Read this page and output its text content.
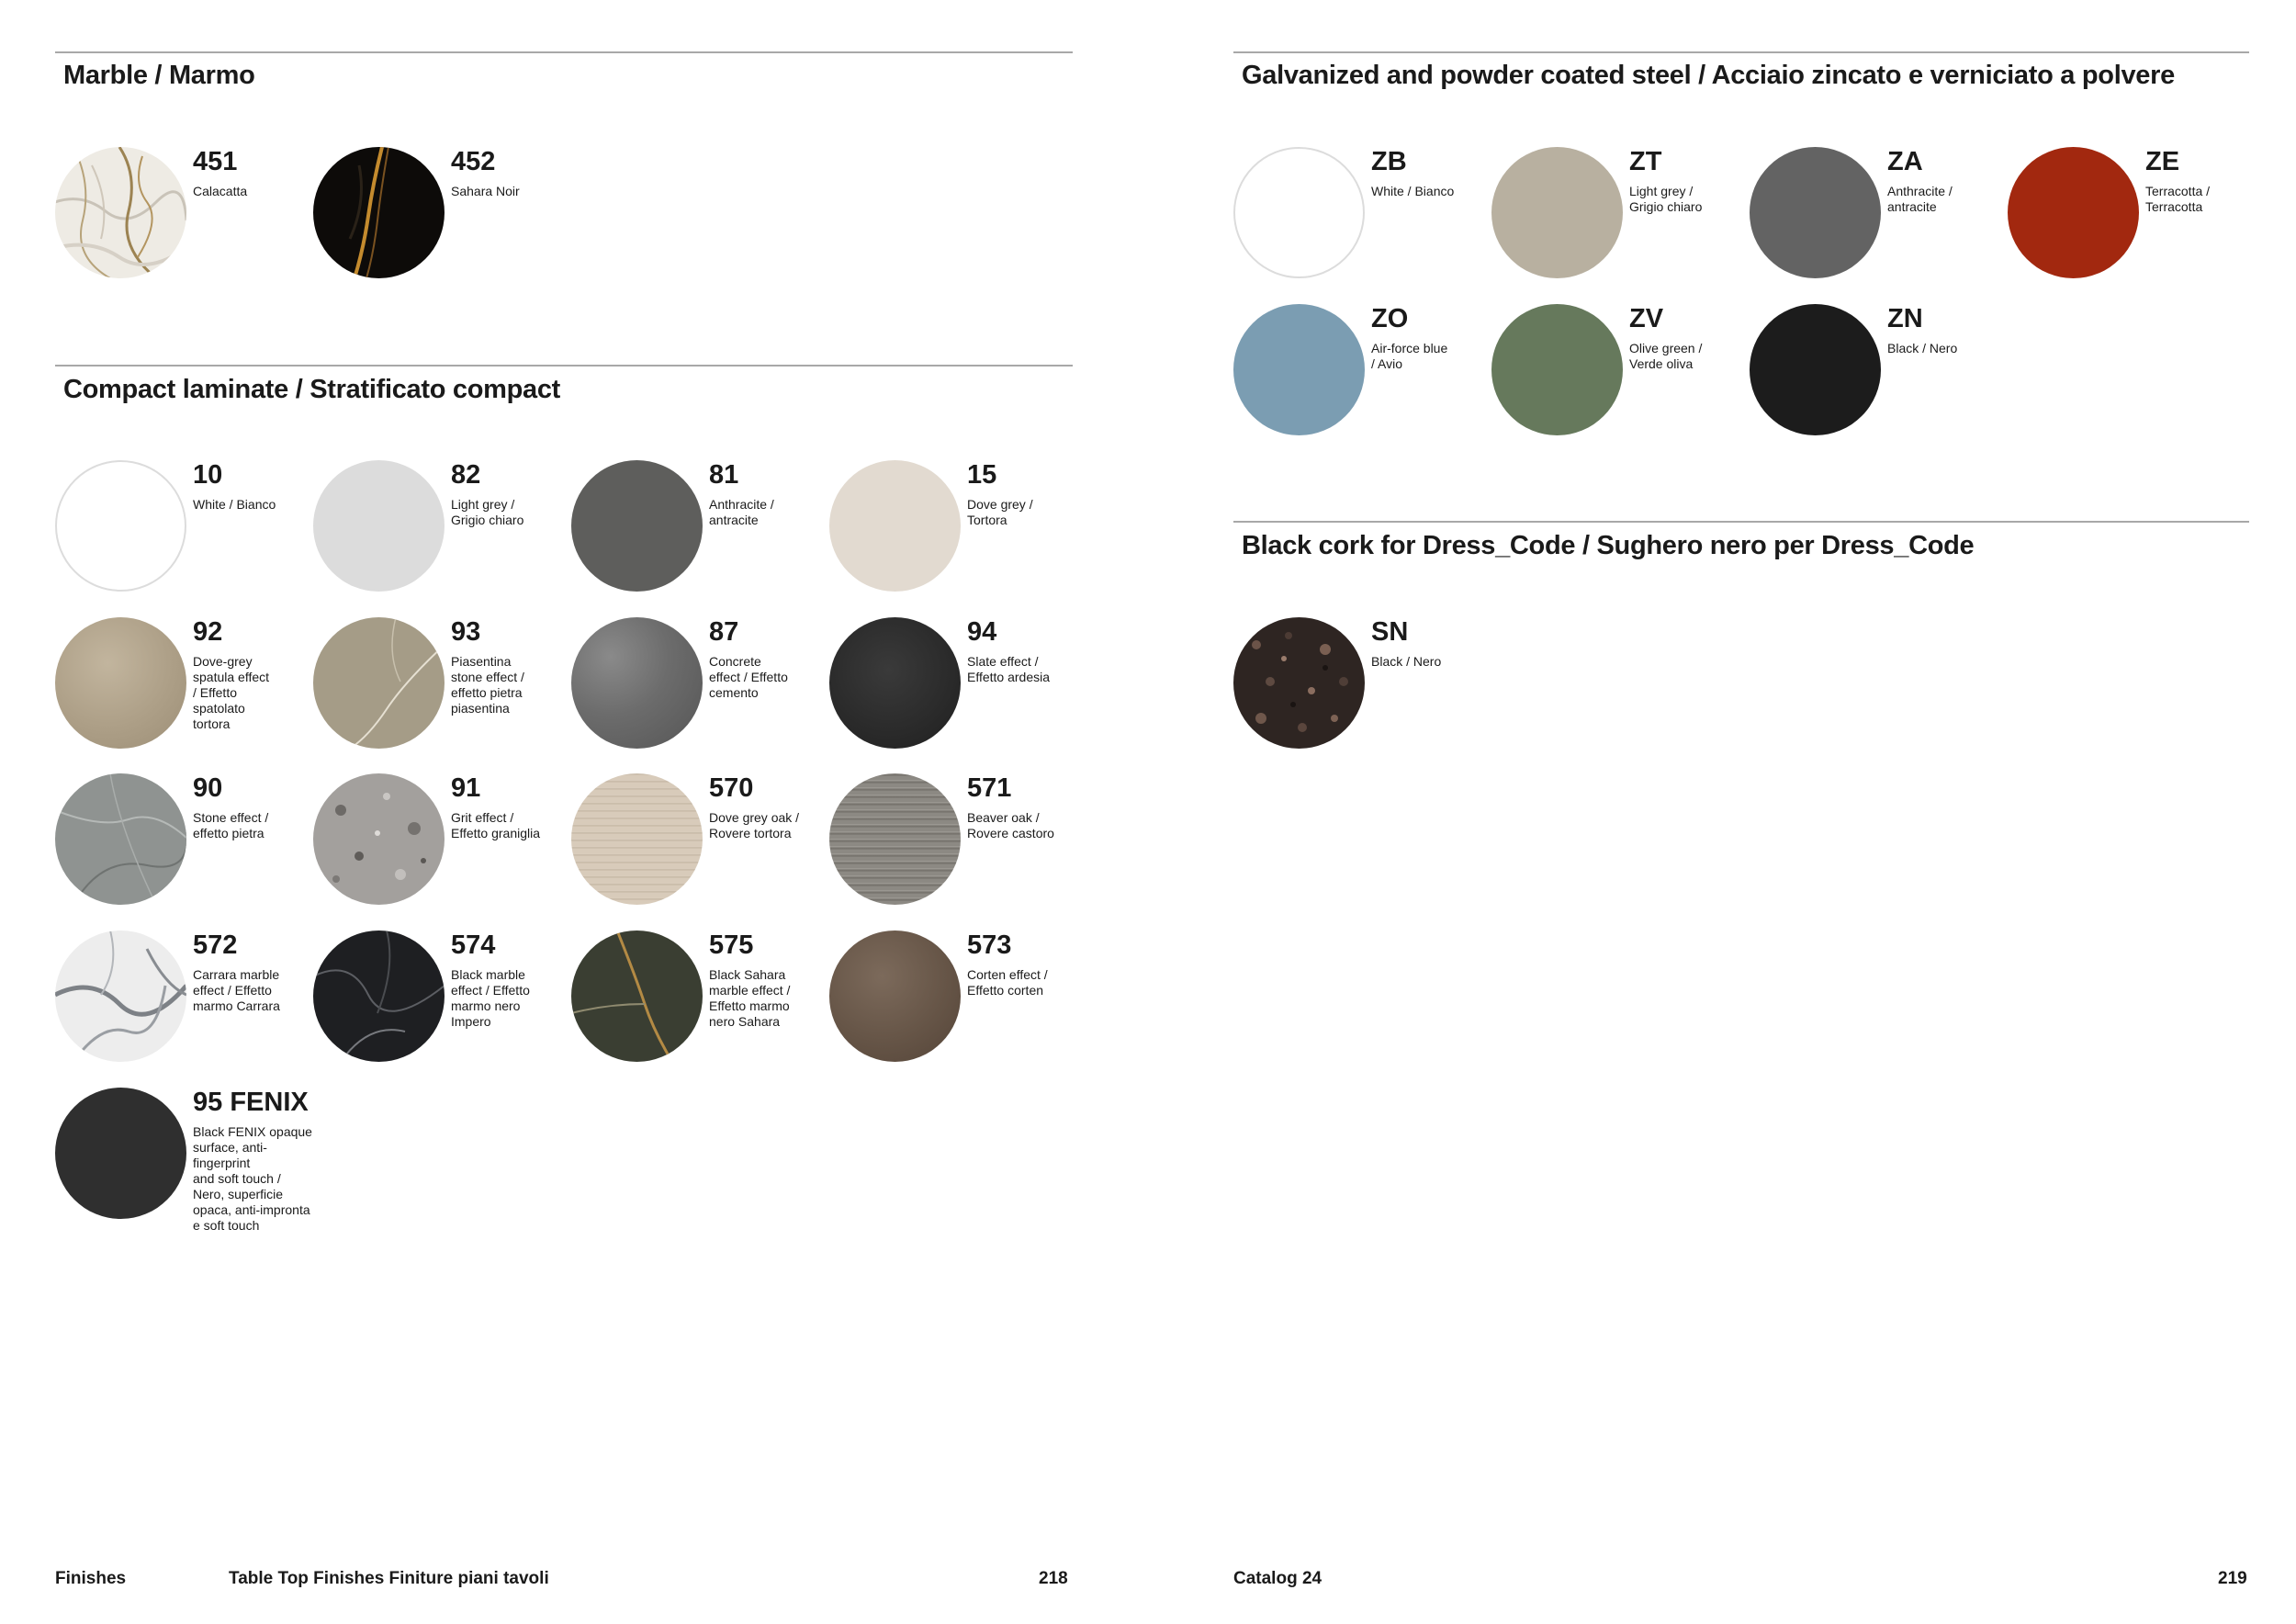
Marble / Marmo
451
Calacatta
452
Sahara Noir
Compact laminate / Stratificato compact
10
White / Bianco
82
Light grey /
Grigio chiaro
81
Anthracite /
antracite
15
Dove grey /
Tortora
92
Dove-grey
spatula effect
/ Effetto
spatolato
tortora
93
Piasentina
stone effect /
effetto pietra
piasentina
87
Concrete
effect / Effetto
cemento
94
Slate effect /
Effetto ardesia
90
Stone effect /
effetto pietra
91
Grit effect /
Effetto graniglia
570
Dove grey oak /
Rovere tortora
571
Beaver oak /
Rovere castoro
572
Carrara marble
effect / Effetto
marmo Carrara
574
Black marble
effect / Effetto
marmo nero
Impero
575
Black Sahara
marble effect /
Effetto marmo
nero Sahara
573
Corten effect /
Effetto corten
95 FENIX
Black FENIX opaque
surface, anti-
fingerprint
and soft touch /
Nero, superficie
opaca, anti-impronta
e soft touch
Finishes	Table Top Finishes Finiture piani tavoli	218
Galvanized and powder coated steel / Acciaio zincato e verniciato a polvere
ZB
White / Bianco
ZT
Light grey /
Grigio chiaro
ZA
Anthracite /
antracite
ZE
Terracotta /
Terracotta
ZO
Air-force blue
/ Avio
ZV
Olive green /
Verde oliva
ZN
Black / Nero
Black cork for Dress_Code / Sughero nero per Dress_Code
SN
Black / Nero
Catalog 24	219
